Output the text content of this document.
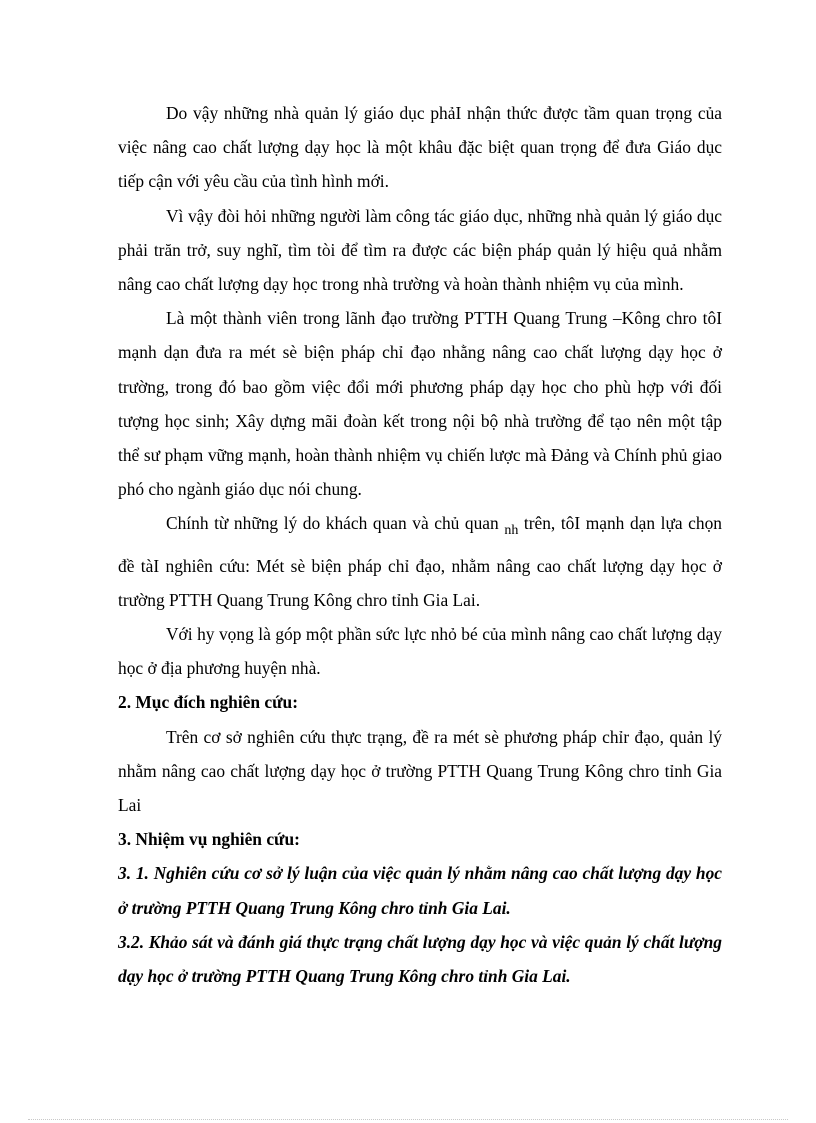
Do vậy những nhà quản lý giáo dục phảI nhận thức được tầm quan trọng của việc nâng cao chất lượng dạy học là một khâu đặc biệt quan trọng để đưa Giáo dục tiếp cận với yêu cầu của tình hình mới.

Vì vậy đòi hỏi những người làm công tác giáo dục, những nhà quản lý giáo dục phải trăn trở, suy nghĩ, tìm tòi để tìm ra được các biện pháp quản lý hiệu quả nhằm nâng cao chất lượng dạy học trong nhà trường và hoàn thành nhiệm vụ của mình.

Là một thành viên trong lãnh đạo trường PTTH Quang Trung –Kông chro tôI mạnh dạn đưa ra mét sè biện pháp chỉ đạo nhằng nâng cao chất lượng dạy học ở trường, trong đó bao gồm việc đổi mới phương pháp dạy học cho phù hợp với đối tượng học sinh; Xây dựng mãi đoàn kết trong nội bộ nhà trường để tạo nên một tập thể sư phạm vững mạnh, hoàn thành nhiệm vụ chiến lược mà Đảng và Chính phủ giao phó cho ngành giáo dục nói chung.

Chính từ những lý do khách quan và chủ quan $_{nh}$ trên, tôI mạnh dạn lựa chọn đề tàI nghiên cứu: Mét sè biện pháp chỉ đạo, nhằm nâng cao chất lượng dạy học ở trường PTTH Quang Trung Kông chro tỉnh Gia Lai.

Với hy vọng là góp một phần sức lực nhỏ bé của mình nâng cao chất lượng dạy học ở địa phương huyện nhà.

2. Mục đích nghiên cứu:

Trên cơ sở nghiên cứu thực trạng, đề ra mét sè phương pháp chỉr đạo, quản lý nhằm nâng cao chất lượng dạy học ở trường PTTH Quang Trung Kông chro tỉnh Gia Lai

3. Nhiệm vụ nghiên cứu:

3. 1. Nghiên cứu cơ sở lý luận của việc quản lý nhằm nâng cao chất lượng dạy học ở trường PTTH Quang Trung Kông chro tỉnh Gia Lai.

3.2. Khảo sát và đánh giá thực trạng chất lượng dạy học và việc quản lý chất lượng dạy học ở trường PTTH Quang Trung Kông chro tỉnh Gia Lai.
